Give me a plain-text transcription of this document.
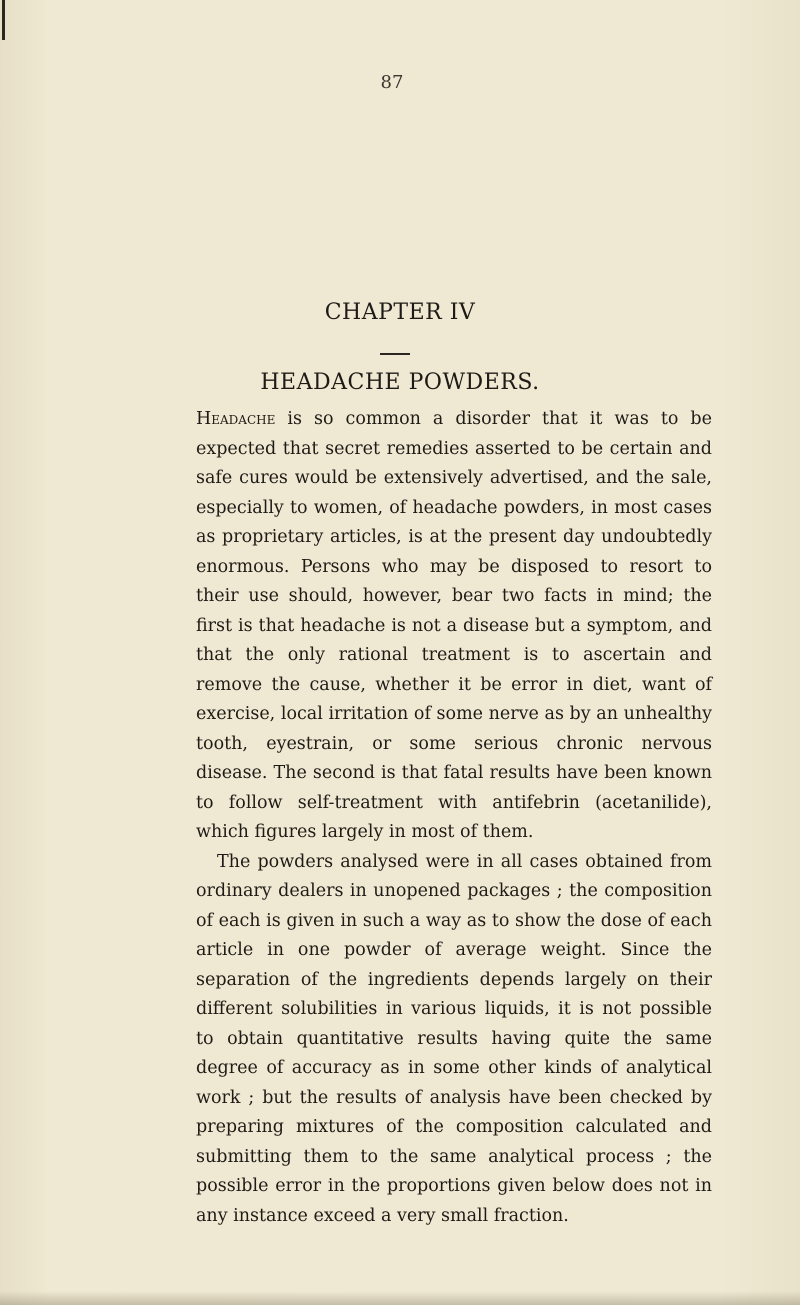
87
CHAPTER IV
HEADACHE POWDERS.

Headache is so common a disorder that it was to be expected that secret remedies asserted to be certain and safe cures would be extensively advertised, and the sale, especially to women, of headache powders, in most cases as proprietary articles, is at the present day undoubtedly enormous. Persons who may be disposed to resort to their use should, however, bear two facts in mind; the first is that headache is not a disease but a symptom, and that the only rational treatment is to ascertain and remove the cause, whether it be error in diet, want of exercise, local irritation of some nerve as by an unhealthy tooth, eyestrain, or some serious chronic nervous disease. The second is that fatal results have been known to follow self-treatment with antifebrin (acetanilide), which figures largely in most of them.

The powders analysed were in all cases obtained from ordinary dealers in unopened packages ; the composition of each is given in such a way as to show the dose of each article in one powder of average weight. Since the separation of the ingredients depends largely on their different solubilities in various liquids, it is not possible to obtain quantitative results having quite the same degree of accuracy as in some other kinds of analytical work ; but the results of analysis have been checked by preparing mixtures of the composition calculated and submitting them to the same analytical process ; the possible error in the proportions given below does not in any instance exceed a very small fraction.
